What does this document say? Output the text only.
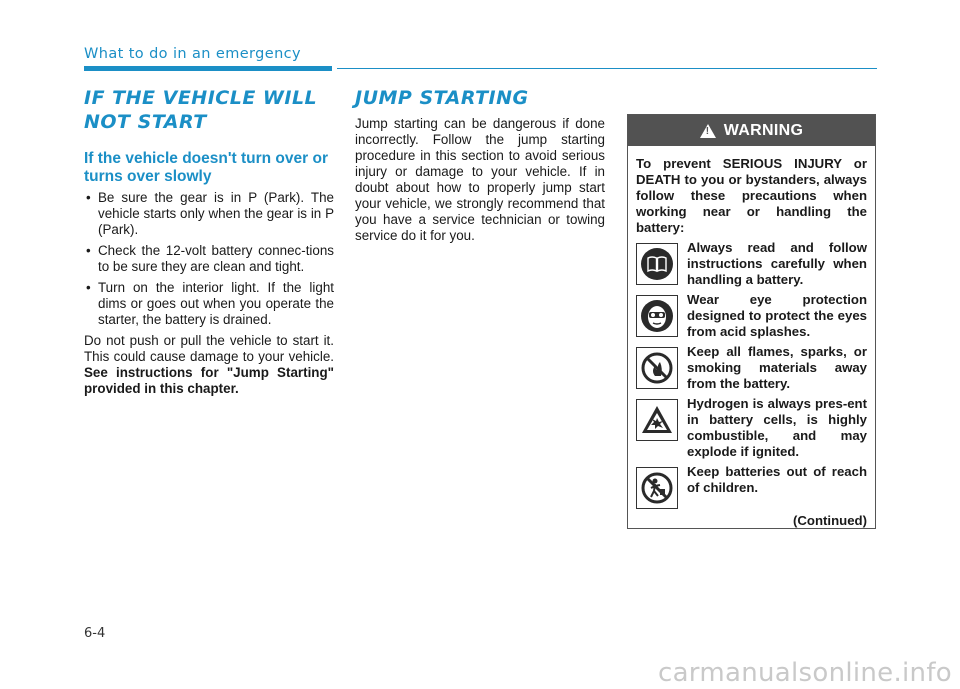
What to do in an emergency
IF THE VEHICLE WILL NOT START
If the vehicle doesn't turn over or turns over slowly
• Be sure the gear is in P (Park). The vehicle starts only when the gear is in P (Park).
• Check the 12-volt battery connec-tions to be sure they are clean and tight.
• Turn on the interior light. If the light dims or goes out when you operate the starter, the battery is drained.

Do not push or pull the vehicle to start it. This could cause damage to your vehicle. See instructions for "Jump Starting" provided in this chapter.

JUMP STARTING

Jump starting can be dangerous if done incorrectly. Follow the jump starting procedure in this section to avoid serious injury or damage to your vehicle. If in doubt about how to properly jump start your vehicle, we strongly recommend that you have a service technician or towing service do it for you.

! WARNING
To prevent SERIOUS INJURY or DEATH to you or bystanders, always follow these precautions when working near or handling the battery:
Always read and follow instructions carefully when handling a battery.
Wear eye protection designed to protect the eyes from acid splashes.
Keep all flames, sparks, or smoking materials away from the battery.
Hydrogen is always pres-ent in battery cells, is highly combustible, and may explode if ignited.
Keep batteries out of reach of children.
(Continued)
6-4
carmanualsonline.info
